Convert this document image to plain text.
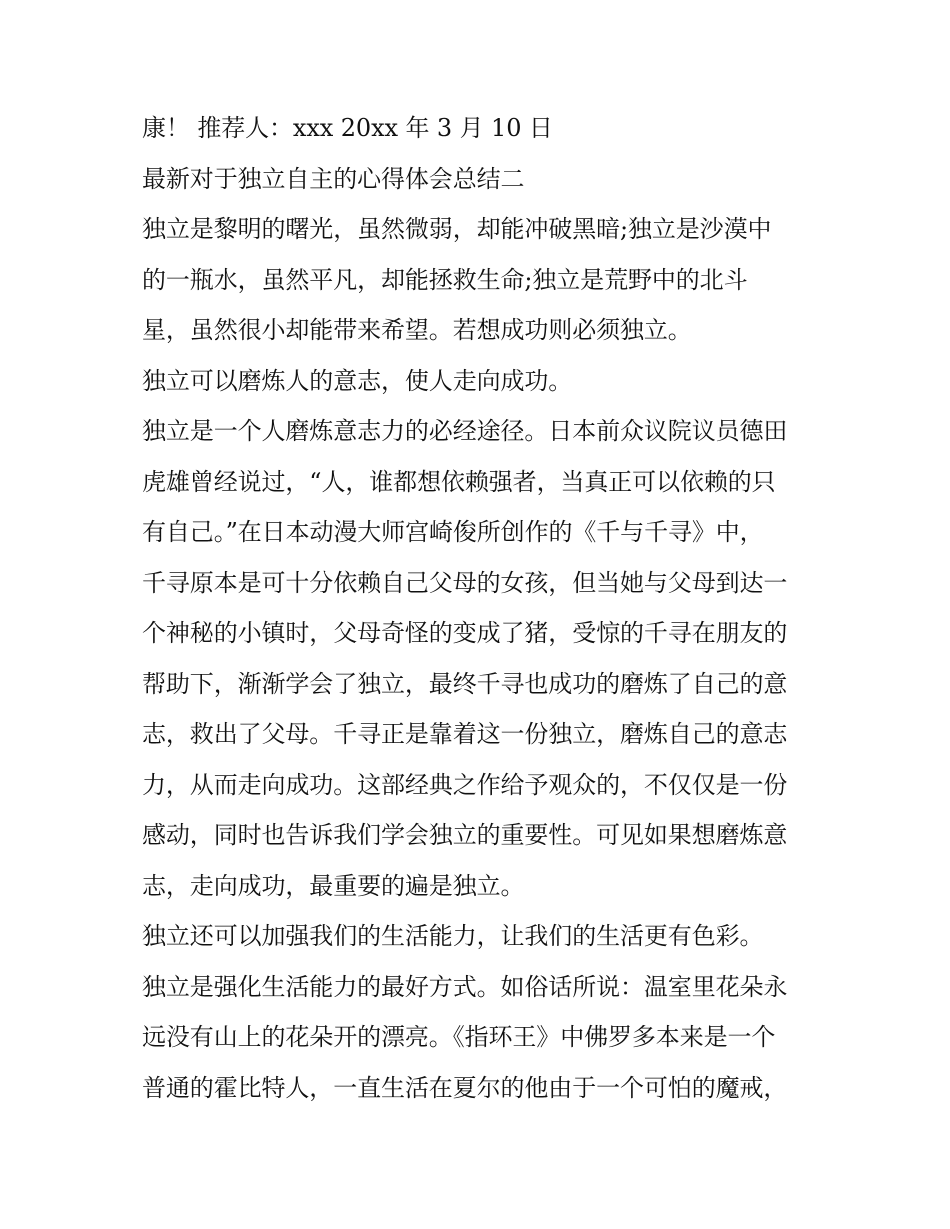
康！ 推荐人：xxx 20xx 年 3 月 10 日
最新对于独立自主的心得体会总结二
独立是黎明的曙光，虽然微弱，却能冲破黑暗;独立是沙漠中
的一瓶水，虽然平凡，却能拯救生命;独立是荒野中的北斗
星，虽然很小却能带来希望。若想成功则必须独立。
独立可以磨炼人的意志，使人走向成功。
独立是一个人磨炼意志力的必经途径。日本前众议院议员德田
虎雄曾经说过，“人，谁都想依赖强者，当真正可以依赖的只
有自己。”在日本动漫大师宫崎俊所创作的《千与千寻》中，
千寻原本是可十分依赖自己父母的女孩，但当她与父母到达一
个神秘的小镇时，父母奇怪的变成了猪，受惊的千寻在朋友的
帮助下，渐渐学会了独立，最终千寻也成功的磨炼了自己的意
志，救出了父母。千寻正是靠着这一份独立，磨炼自己的意志
力，从而走向成功。这部经典之作给予观众的，不仅仅是一份
感动，同时也告诉我们学会独立的重要性。可见如果想磨炼意
志，走向成功，最重要的遍是独立。
独立还可以加强我们的生活能力，让我们的生活更有色彩。
独立是强化生活能力的最好方式。如俗话所说：温室里花朵永
远没有山上的花朵开的漂亮。《指环王》中佛罗多本来是一个
普通的霍比特人，一直生活在夏尔的他由于一个可怕的魔戒，
